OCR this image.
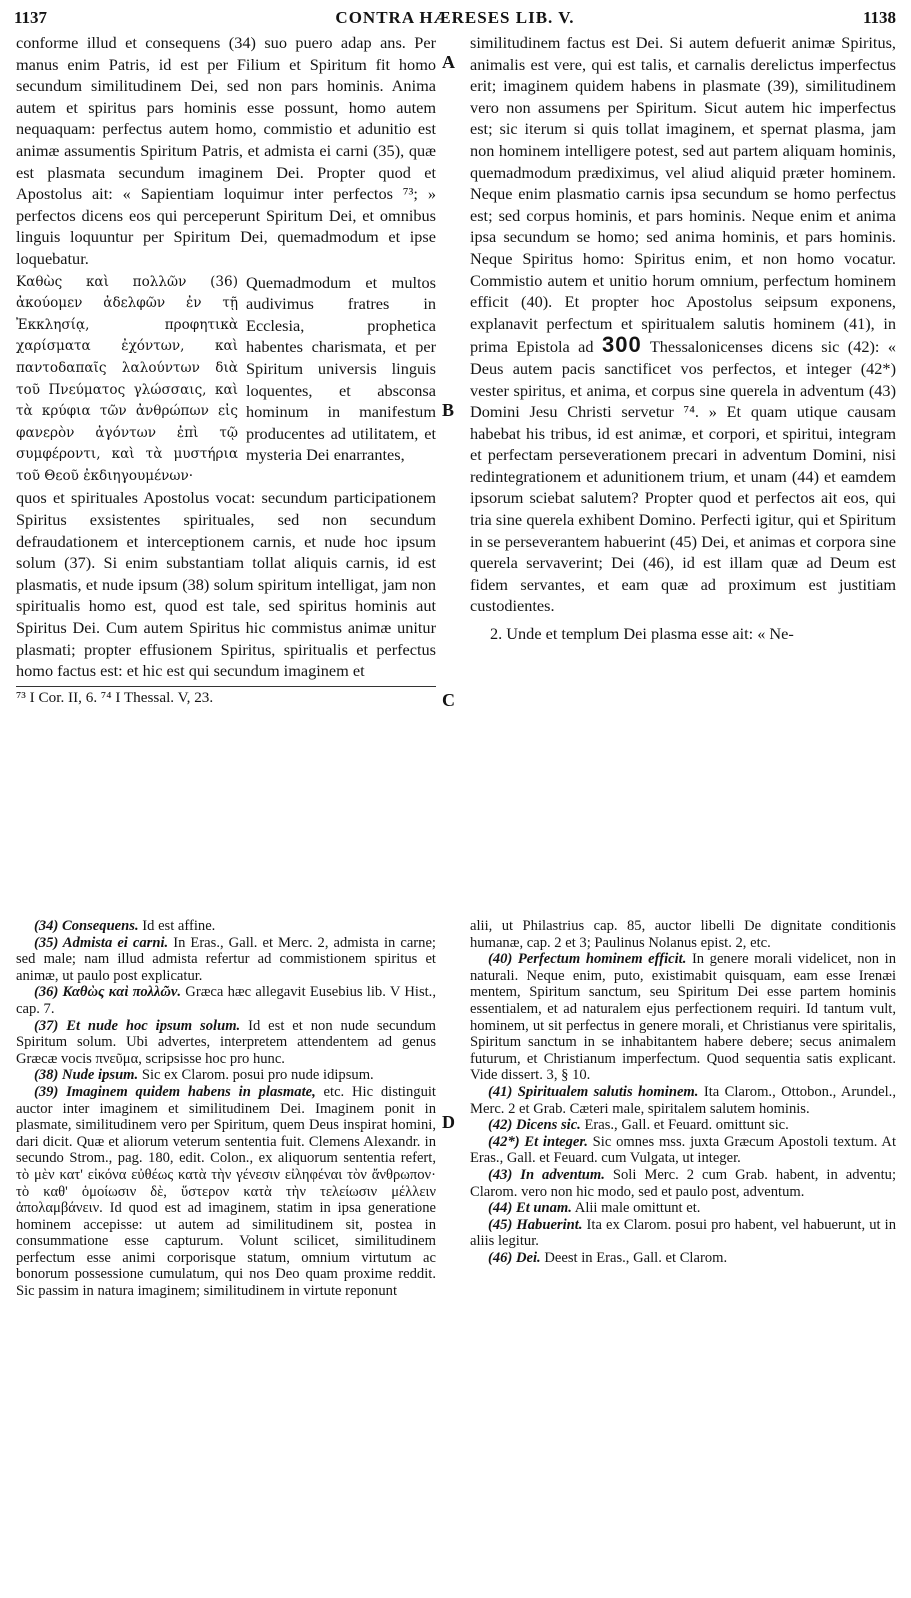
1137	CONTRA HÆRESES LIB. V.	1138
A
B
C
D

conforme illud et consequens (34) suo puero adap ans. Per manus enim Patris, id est per Filium et Spiritum fit homo secundum similitudinem Dei, sed non pars hominis. Anima autem et spiritus pars hominis esse possunt, homo autem nequaquam: perfectus autem homo, commistio et adunitio est animæ assumentis Spiritum Patris, et admista ei carni (35), quæ est plasmata secundum imaginem Dei. Propter quod et Apostolus ait: « Sapientiam loquimur inter perfectos ⁷³; » perfectos dicens eos qui perceperunt Spiritum Dei, et omnibus linguis loquuntur per Spiritum Dei, quemadmodum et ipse loquebatur.

Καθὼς καὶ πολλῶν (36) ἀκούομεν ἀδελφῶν ἐν τῇ Ἐκκλησίᾳ, προφητικὰ χαρίσματα ἐχόντων, καὶ παντοδαπαῖς λαλούντων διὰ τοῦ Πνεύματος γλώσσαις, καὶ τὰ κρύφια τῶν ἀνθρώπων εἰς φανερὸν ἀγόντων ἐπὶ τῷ συμφέροντι, καὶ τὰ μυστήρια τοῦ Θεοῦ ἐκδιηγουμένων·
Quemadmodum et multos audivimus fratres in Ecclesia, prophetica habentes charismata, et per Spiritum universis linguis loquentes, et absconsa hominum in manifestum producentes ad utilitatem, et mysteria Dei enarrantes,

quos et spirituales Apostolus vocat: secundum participationem Spiritus exsistentes spirituales, sed non secundum defraudationem et interceptionem carnis, et nude hoc ipsum solum (37). Si enim substantiam tollat aliquis carnis, id est plasmatis, et nude ipsum (38) solum spiritum intelligat, jam non spiritualis homo est, quod est tale, sed spiritus hominis aut Spiritus Dei. Cum autem Spiritus hic commistus animæ unitur plasmati; propter effusionem Spiritus, spiritualis et perfectus homo factus est: et hic est qui secundum imaginem et

⁷³ I Cor. II, 6. ⁷⁴ I Thessal. V, 23.

similitudinem factus est Dei. Si autem defuerit animæ Spiritus, animalis est vere, qui est talis, et carnalis derelictus imperfectus erit; imaginem quidem habens in plasmate (39), similitudinem vero non assumens per Spiritum. Sicut autem hic imperfectus est; sic iterum si quis tollat imaginem, et spernat plasma, jam non hominem intelligere potest, sed aut partem aliquam hominis, quemadmodum prædiximus, vel aliud aliquid præter hominem. Neque enim plasmatio carnis ipsa secundum se homo perfectus est; sed corpus hominis, et pars hominis. Neque enim et anima ipsa secundum se homo; sed anima hominis, et pars hominis. Neque Spiritus homo: Spiritus enim, et non homo vocatur. Commistio autem et unitio horum omnium, perfectum hominem efficit (40). Et propter hoc Apostolus seipsum exponens, explanavit perfectum et spiritualem salutis hominem (41), in prima Epistola ad 300 Thessalonicenses dicens sic (42): « Deus autem pacis sanctificet vos perfectos, et integer (42*) vester spiritus, et anima, et corpus sine querela in adventum (43) Domini Jesu Christi servetur ⁷⁴. » Et quam utique causam habebat his tribus, id est animæ, et corpori, et spiritui, integram et perfectam perseverationem precari in adventum Domini, nisi redintegrationem et adunitionem trium, et unam (44) et eamdem ipsorum sciebat salutem? Propter quod et perfectos ait eos, qui tria sine querela exhibent Domino. Perfecti igitur, qui et Spiritum in se perseverantem habuerint (45) Dei, et animas et corpora sine querela servaverint; Dei (46), id est illam quæ ad Deum est fidem servantes, et eam quæ ad proximum est justitiam custodientes.

2. Unde et templum Dei plasma esse ait: « Ne-

(34) Consequens. Id est affine.

(35) Admista ei carni. In Eras., Gall. et Merc. 2, admista in carne; sed male; nam illud admista refertur ad commistionem spiritus et animæ, ut paulo post explicatur.

(36) Καθὼς καὶ πολλῶν. Græca hæc allegavit Eusebius lib. V Hist., cap. 7.

(37) Et nude hoc ipsum solum. Id est et non nude secundum Spiritum solum. Ubi advertes, interpretem attendentem ad genus Græcæ vocis πνεῦμα, scripsisse hoc pro hunc.

(38) Nude ipsum. Sic ex Clarom. posui pro nude idipsum.

(39) Imaginem quidem habens in plasmate, etc. Hic distinguit auctor inter imaginem et similitudinem Dei. Imaginem ponit in plasmate, similitudinem vero per Spiritum, quem Deus inspirat homini, dari dicit. Quæ et aliorum veterum sententia fuit. Clemens Alexandr. in secundo Strom., pag. 180, edit. Colon., ex aliquorum sententia refert, τὸ μὲν κατ' εἰκόνα εὐθέως κατὰ τὴν γένεσιν εἰληφέναι τὸν ἄνθρωπον· τὸ καθ' ὁμοίωσιν δὲ, ὕστερον κατὰ τὴν τελείωσιν μέλλειν ἀπολαμβάνειν. Id quod est ad imaginem, statim in ipsa generatione hominem accepisse: ut autem ad similitudinem sit, postea in consummatione esse capturum. Volunt scilicet, similitudinem perfectum esse animi corporisque statum, omnium virtutum ac bonorum possessione cumulatum, qui nos Deo quam proxime reddit. Sic passim in natura imaginem; similitudinem in virtute reponunt

alii, ut Philastrius cap. 85, auctor libelli De dignitate conditionis humanæ, cap. 2 et 3; Paulinus Nolanus epist. 2, etc.

(40) Perfectum hominem efficit. In genere morali videlicet, non in naturali. Neque enim, puto, existimabit quisquam, eam esse Irenæi mentem, Spiritum sanctum, seu Spiritum Dei esse partem hominis essentialem, et ad naturalem ejus perfectionem requiri. Id tantum vult, hominem, ut sit perfectus in genere morali, et Christianus vere spiritalis, Spiritum sanctum in se inhabitantem habere debere; secus animalem futurum, et Christianum imperfectum. Quod sequentia satis explicant. Vide dissert. 3, § 10.

(41) Spiritualem salutis hominem. Ita Clarom., Ottobon., Arundel., Merc. 2 et Grab. Cæteri male, spiritalem salutem hominis.

(42) Dicens sic. Eras., Gall. et Feuard. omittunt sic.

(42*) Et integer. Sic omnes mss. juxta Græcum Apostoli textum. At Eras., Gall. et Feuard. cum Vulgata, ut integer.

(43) In adventum. Soli Merc. 2 cum Grab. habent, in adventu; Clarom. vero non hic modo, sed et paulo post, adventum.

(44) Et unam. Alii male omittunt et.

(45) Habuerint. Ita ex Clarom. posui pro habent, vel habuerunt, ut in aliis legitur.

(46) Dei. Deest in Eras., Gall. et Clarom.
